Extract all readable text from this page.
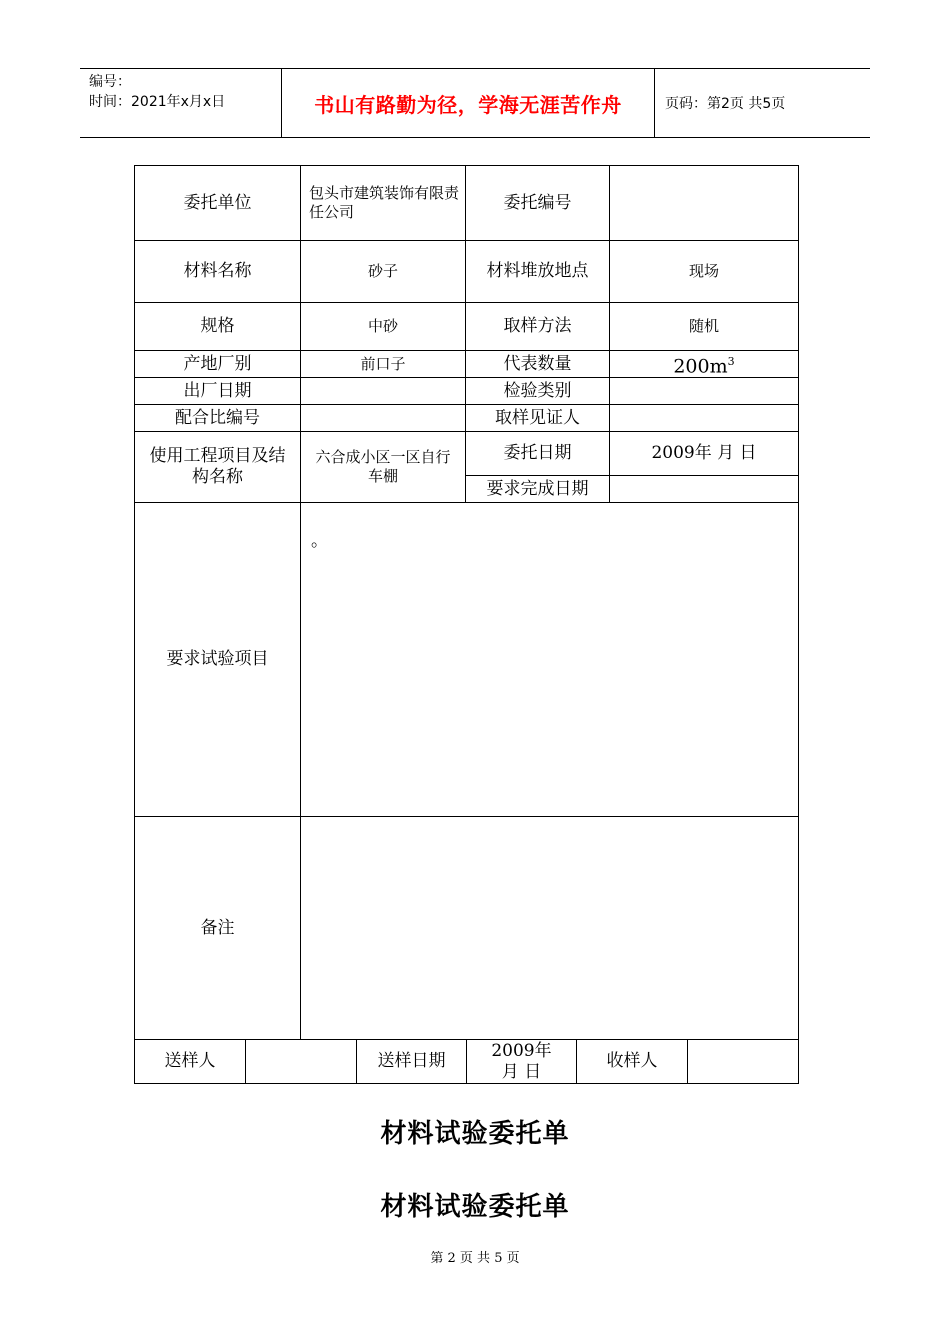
编号：
时间：2021年x月x日	书山有路勤为径，学海无涯苦作舟	页码：第2页 共5页
委托单位	包头市建筑装饰有限责任公司	委托编号	
材料名称	砂子	材料堆放地点	现场
规格	中砂	取样方法	随机
产地厂别	前口子	代表数量	$200m^3$
出厂日期		检验类别	
配合比编号		取样见证人	
使用工程项目及结构名称	六合成小区一区自行车棚	委托日期	2009年 月 日
		要求完成日期	
要求试验项目	。		
备注			
送样人		送样日期	2009年 月 日	收样人	
材料试验委托单
材料试验委托单
第 2 页 共 5 页
